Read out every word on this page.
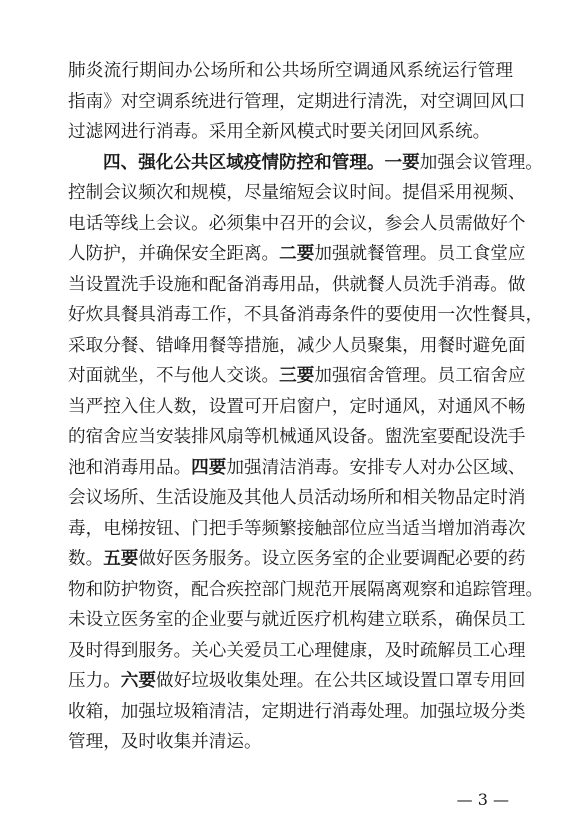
肺炎流行期间办公场所和公共场所空调通风系统运行管理
指南》对空调系统进行管理，定期进行清洗，对空调回风口
过滤网进行消毒。采用全新风模式时要关闭回风系统。
四、强化公共区域疫情防控和管理。一要加强会议管理。
控制会议频次和规模，尽量缩短会议时间。提倡采用视频、
电话等线上会议。必须集中召开的会议，参会人员需做好个
人防护，并确保安全距离。二要加强就餐管理。员工食堂应
当设置洗手设施和配备消毒用品，供就餐人员洗手消毒。做
好炊具餐具消毒工作，不具备消毒条件的要使用一次性餐具，
采取分餐、错峰用餐等措施，减少人员聚集，用餐时避免面
对面就坐，不与他人交谈。三要加强宿舍管理。员工宿舍应
当严控入住人数，设置可开启窗户，定时通风，对通风不畅
的宿舍应当安装排风扇等机械通风设备。盥洗室要配设洗手
池和消毒用品。四要加强清洁消毒。安排专人对办公区域、
会议场所、生活设施及其他人员活动场所和相关物品定时消
毒，电梯按钮、门把手等频繁接触部位应当适当增加消毒次
数。五要做好医务服务。设立医务室的企业要调配必要的药
物和防护物资，配合疾控部门规范开展隔离观察和追踪管理。
未设立医务室的企业要与就近医疗机构建立联系，确保员工
及时得到服务。关心关爱员工心理健康，及时疏解员工心理
压力。六要做好垃圾收集处理。在公共区域设置口罩专用回
收箱，加强垃圾箱清洁，定期进行消毒处理。加强垃圾分类
管理，及时收集并清运。
— 3 —
